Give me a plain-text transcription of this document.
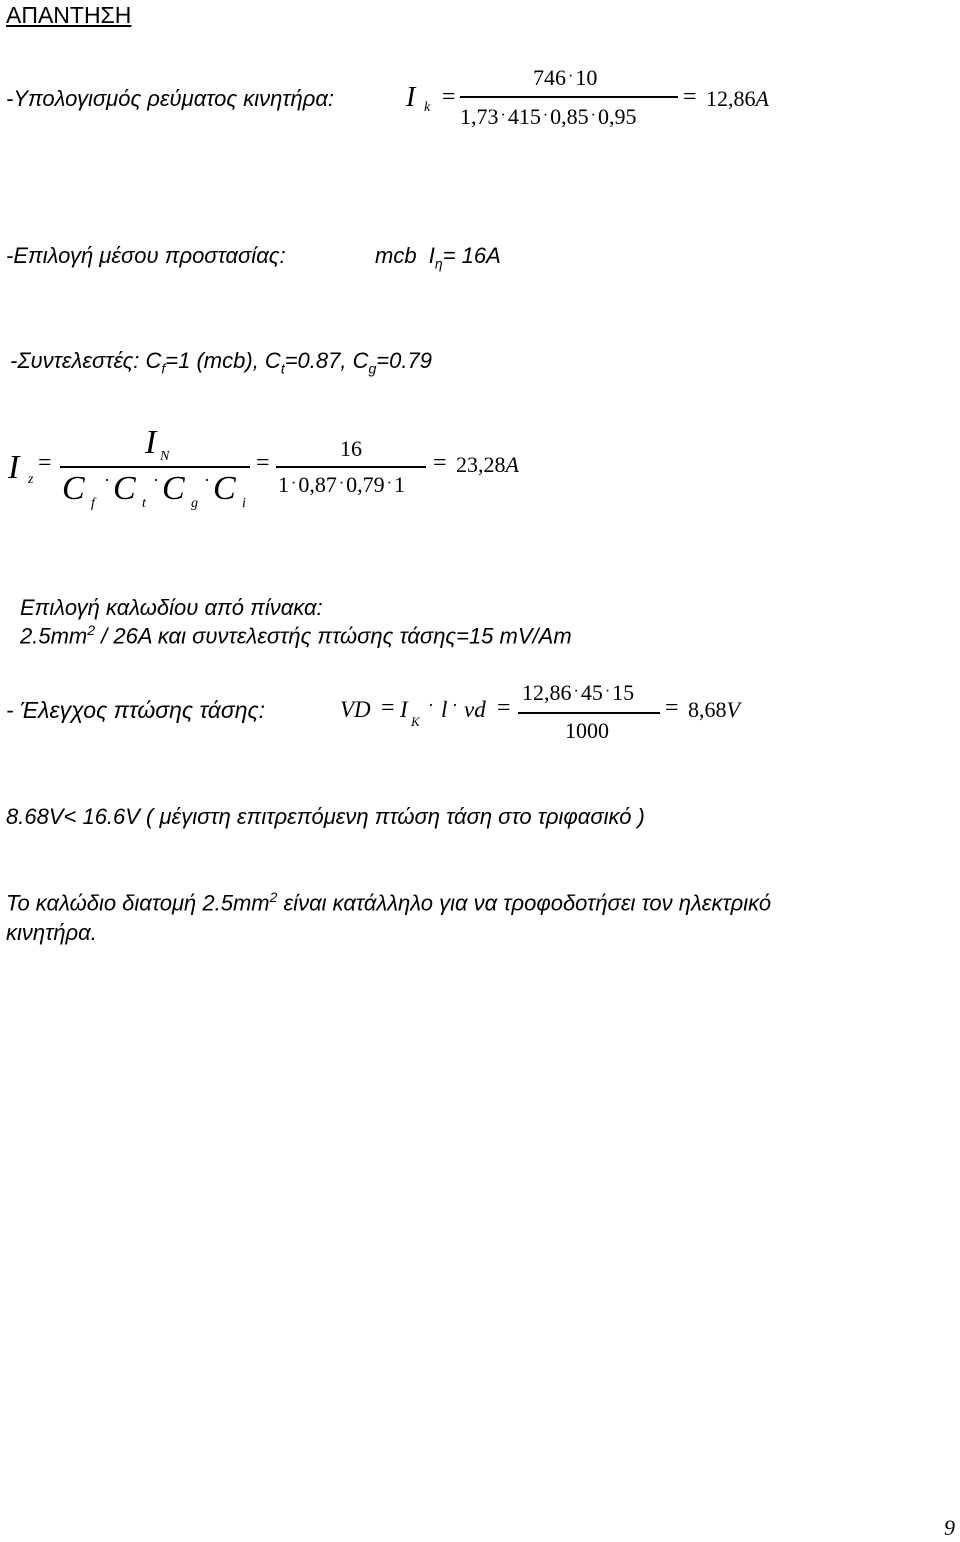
ΑΠΑΝΤΗΣΗ
-Υπολογισμός ρεύματος κινητήρα:	I k =
746 ·10
1,73 ·415 ·0,85 ·0,95
= 12,86A
-Επιλογή μέσου προστασίας:	mcb $I_\eta= 16A$
-Συντελεστές: $C_f=1$ (mcb), $C_t=0.87$, $C_g=0.79$
I z
=
I N
C f
· C t
· C g
· C i
=
16
1 ·0,87 ·0,79 ·1
= 23,28A
Επιλογή καλωδίου από πίνακα:
$2.5mm^2 / 26A$ και συντελεστής πτώσης τάσης=15 mV/Am
- Έλεγχος πτώσης τάσης:	VD = I K
· l · vd =
12,86 ·45 ·15
1000
= 8,68V
8.68V< 16.6V ( μέγιστη επιτρεπόμενη πτώση τάση στο τριφασικό )
Το καλώδιο διατομή $2.5mm^2$ είναι κατάλληλο για να τροφοδοτήσει τον ηλεκτρικό
κινητήρα.
9
